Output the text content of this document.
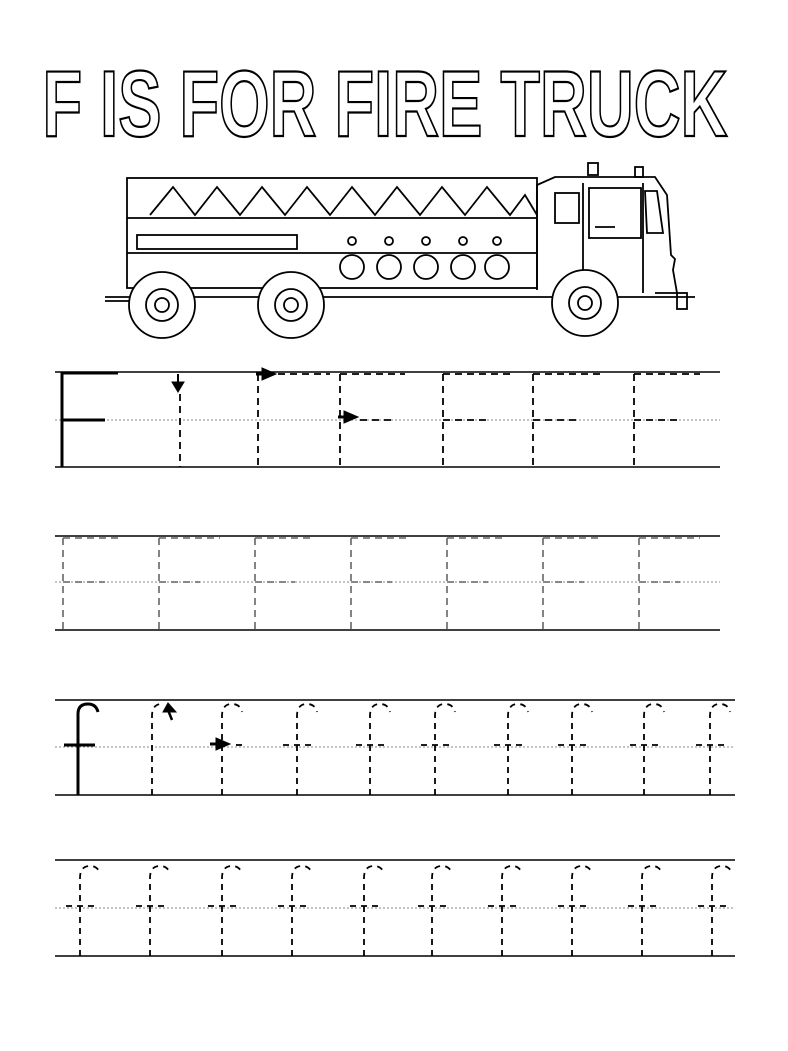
F IS FOR FIRE TRUCK
